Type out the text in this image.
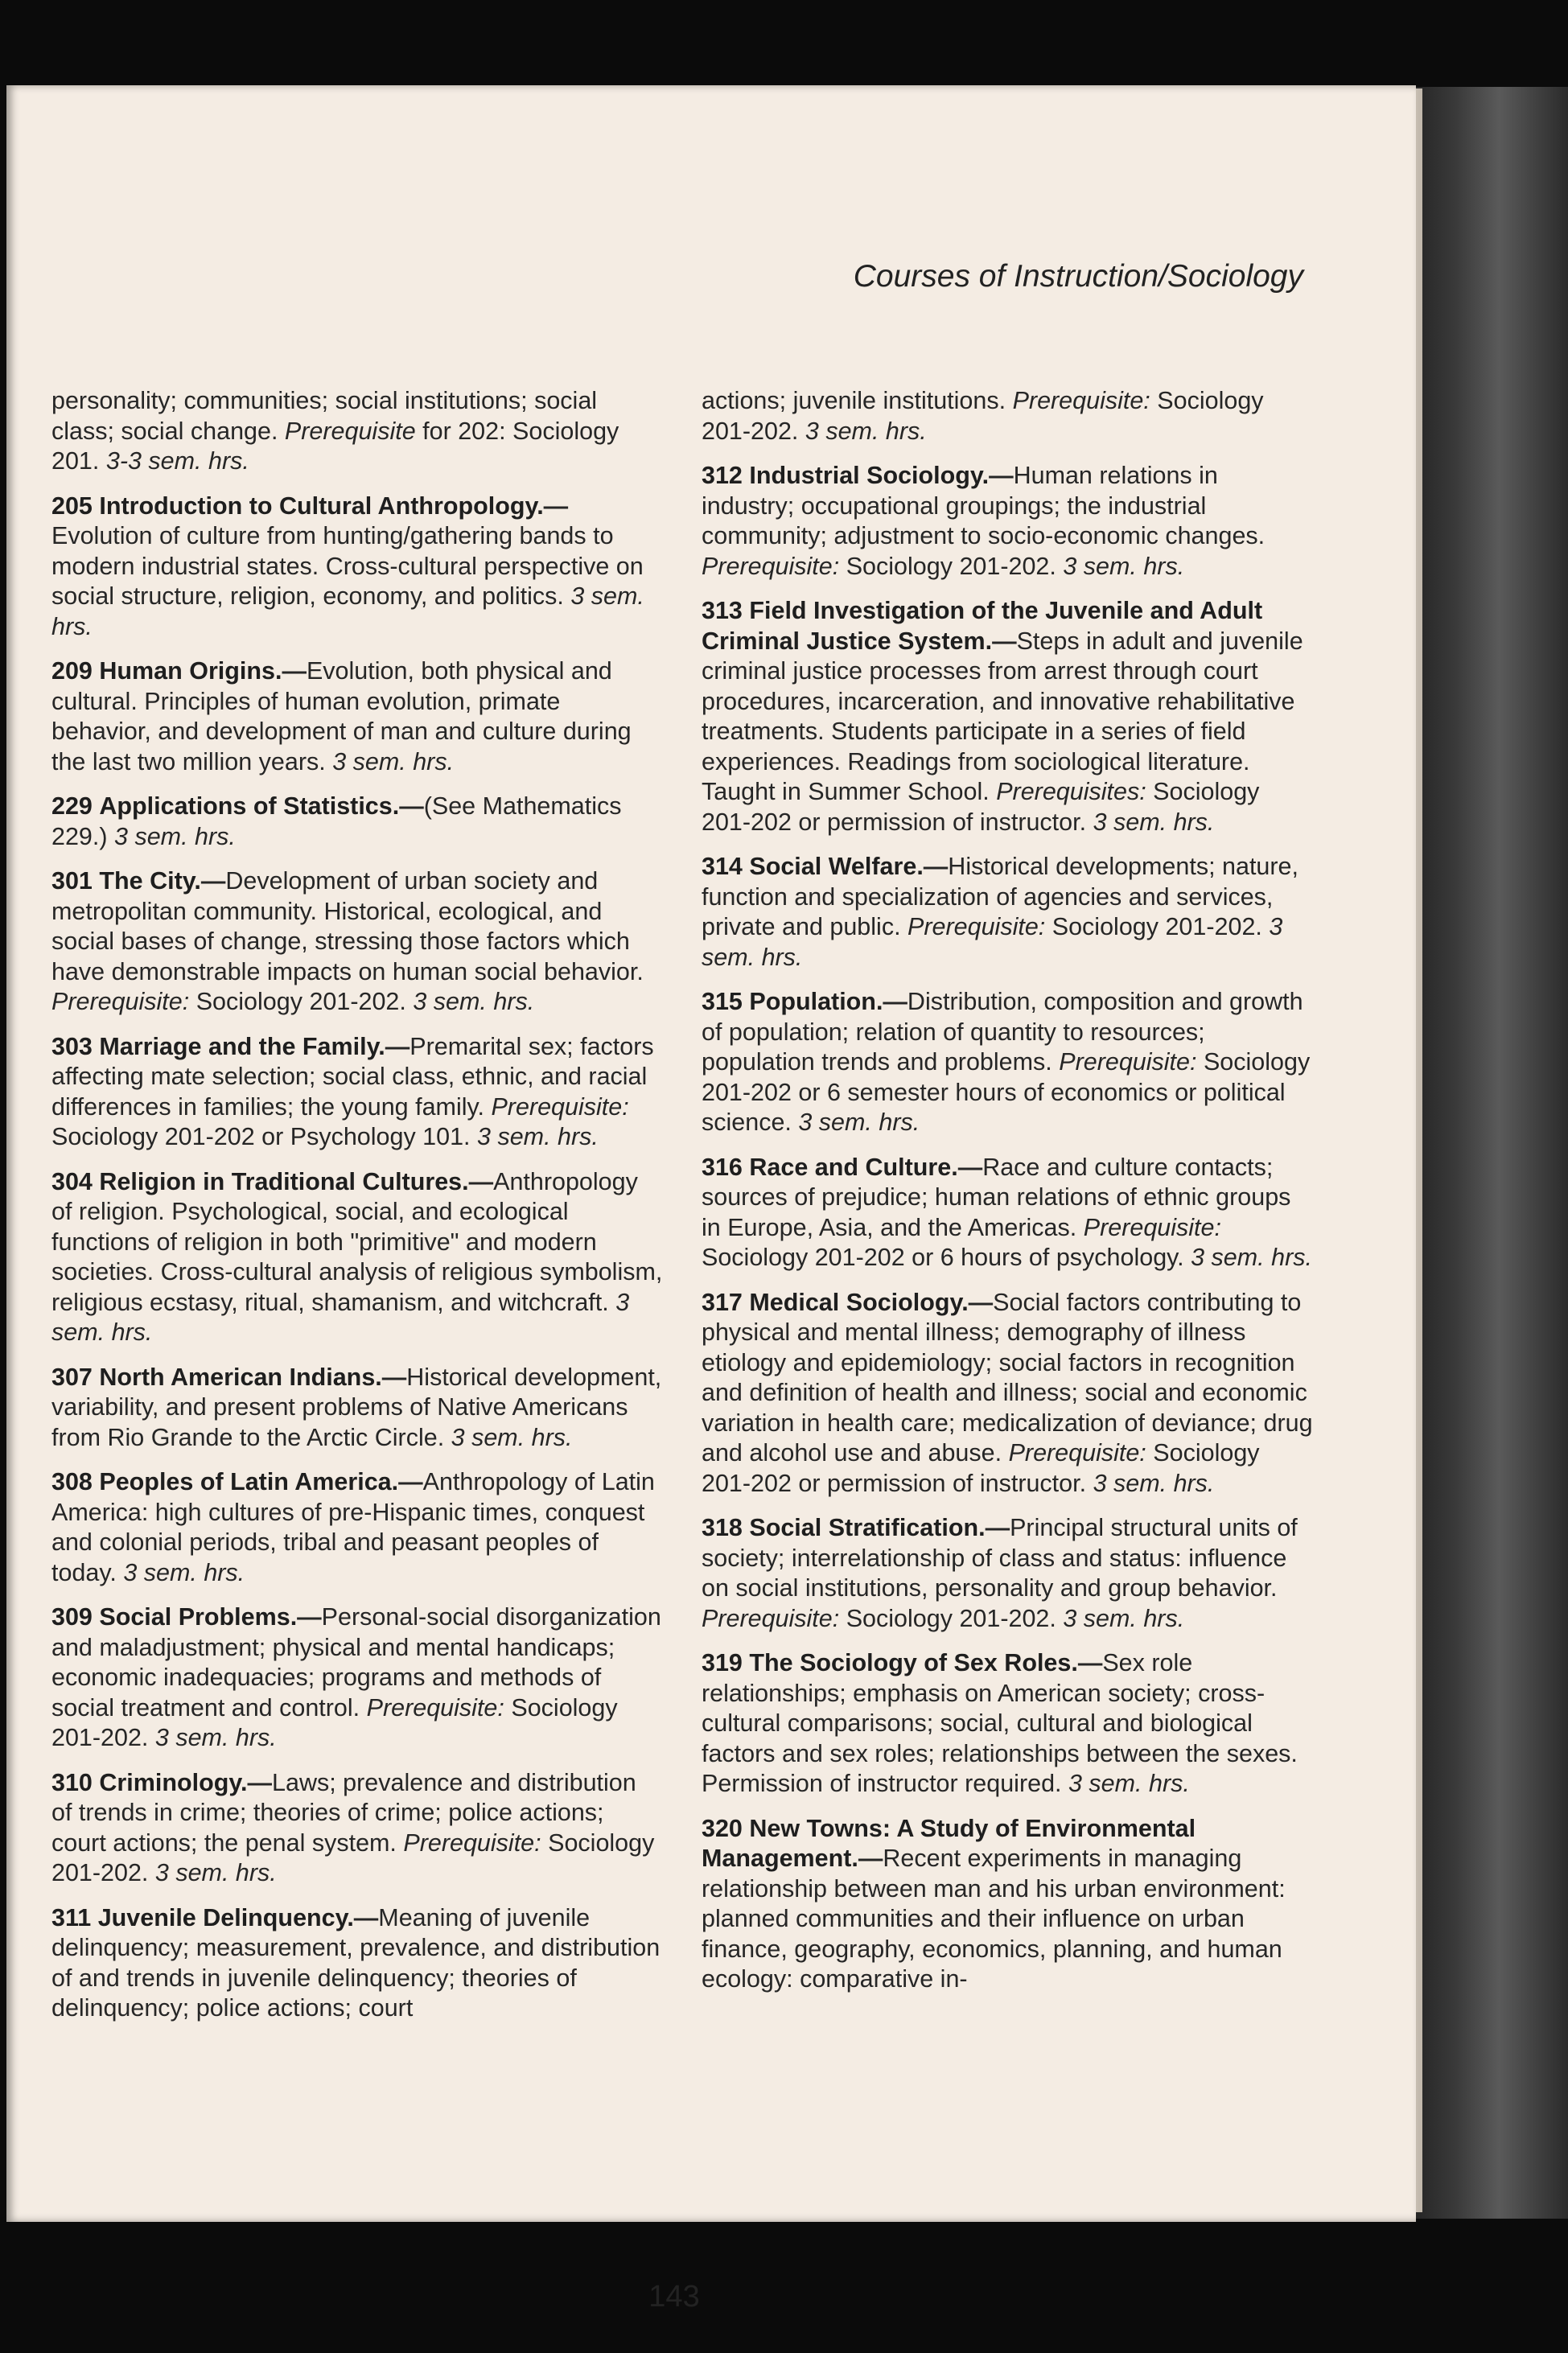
Courses of Instruction/Sociology

personality; communities; social institutions; social class; social change. Prerequisite for 202: Sociology 201. 3-3 sem. hrs.

205 Introduction to Cultural Anthropology.—Evolution of culture from hunting/gathering bands to modern industrial states. Cross-cultural perspective on social structure, religion, economy, and politics. 3 sem. hrs.

209 Human Origins.—Evolution, both physical and cultural. Principles of human evolution, primate behavior, and development of man and culture during the last two million years. 3 sem. hrs.

229 Applications of Statistics.—(See Mathematics 229.) 3 sem. hrs.

301 The City.—Development of urban society and metropolitan community. Historical, ecological, and social bases of change, stressing those factors which have demonstrable impacts on human social behavior. Prerequisite: Sociology 201-202. 3 sem. hrs.

303 Marriage and the Family.—Premarital sex; factors affecting mate selection; social class, ethnic, and racial differences in families; the young family. Prerequisite: Sociology 201-202 or Psychology 101. 3 sem. hrs.

304 Religion in Traditional Cultures.—Anthropology of religion. Psychological, social, and ecological functions of religion in both "primitive" and modern societies. Cross-cultural analysis of religious symbolism, religious ecstasy, ritual, shamanism, and witchcraft. 3 sem. hrs.

307 North American Indians.—Historical development, variability, and present problems of Native Americans from Rio Grande to the Arctic Circle. 3 sem. hrs.

308 Peoples of Latin America.—Anthropology of Latin America: high cultures of pre-Hispanic times, conquest and colonial periods, tribal and peasant peoples of today. 3 sem. hrs.

309 Social Problems.—Personal-social disorganization and maladjustment; physical and mental handicaps; economic inadequacies; programs and methods of social treatment and control. Prerequisite: Sociology 201-202. 3 sem. hrs.

310 Criminology.—Laws; prevalence and distribution of trends in crime; theories of crime; police actions; court actions; the penal system. Prerequisite: Sociology 201-202. 3 sem. hrs.

311 Juvenile Delinquency.—Meaning of juvenile delinquency; measurement, prevalence, and distribution of and trends in juvenile delinquency; theories of delinquency; police actions; court

actions; juvenile institutions. Prerequisite: Sociology 201-202. 3 sem. hrs.

312 Industrial Sociology.—Human relations in industry; occupational groupings; the industrial community; adjustment to socio-economic changes. Prerequisite: Sociology 201-202. 3 sem. hrs.

313 Field Investigation of the Juvenile and Adult Criminal Justice System.—Steps in adult and juvenile criminal justice processes from arrest through court procedures, incarceration, and innovative rehabilitative treatments. Students participate in a series of field experiences. Readings from sociological literature. Taught in Summer School. Prerequisites: Sociology 201-202 or permission of instructor. 3 sem. hrs.

314 Social Welfare.—Historical developments; nature, function and specialization of agencies and services, private and public. Prerequisite: Sociology 201-202. 3 sem. hrs.

315 Population.—Distribution, composition and growth of population; relation of quantity to resources; population trends and problems. Prerequisite: Sociology 201-202 or 6 semester hours of economics or political science. 3 sem. hrs.

316 Race and Culture.—Race and culture contacts; sources of prejudice; human relations of ethnic groups in Europe, Asia, and the Americas. Prerequisite: Sociology 201-202 or 6 hours of psychology. 3 sem. hrs.

317 Medical Sociology.—Social factors contributing to physical and mental illness; demography of illness etiology and epidemiology; social factors in recognition and definition of health and illness; social and economic variation in health care; medicalization of deviance; drug and alcohol use and abuse. Prerequisite: Sociology 201-202 or permission of instructor. 3 sem. hrs.

318 Social Stratification.—Principal structural units of society; interrelationship of class and status: influence on social institutions, personality and group behavior. Prerequisite: Sociology 201-202. 3 sem. hrs.

319 The Sociology of Sex Roles.—Sex role relationships; emphasis on American society; cross-cultural comparisons; social, cultural and biological factors and sex roles; relationships between the sexes. Permission of instructor required. 3 sem. hrs.

320 New Towns: A Study of Environmental Management.—Recent experiments in managing relationship between man and his urban environment: planned communities and their influence on urban finance, geography, economics, planning, and human ecology: comparative in-

143
